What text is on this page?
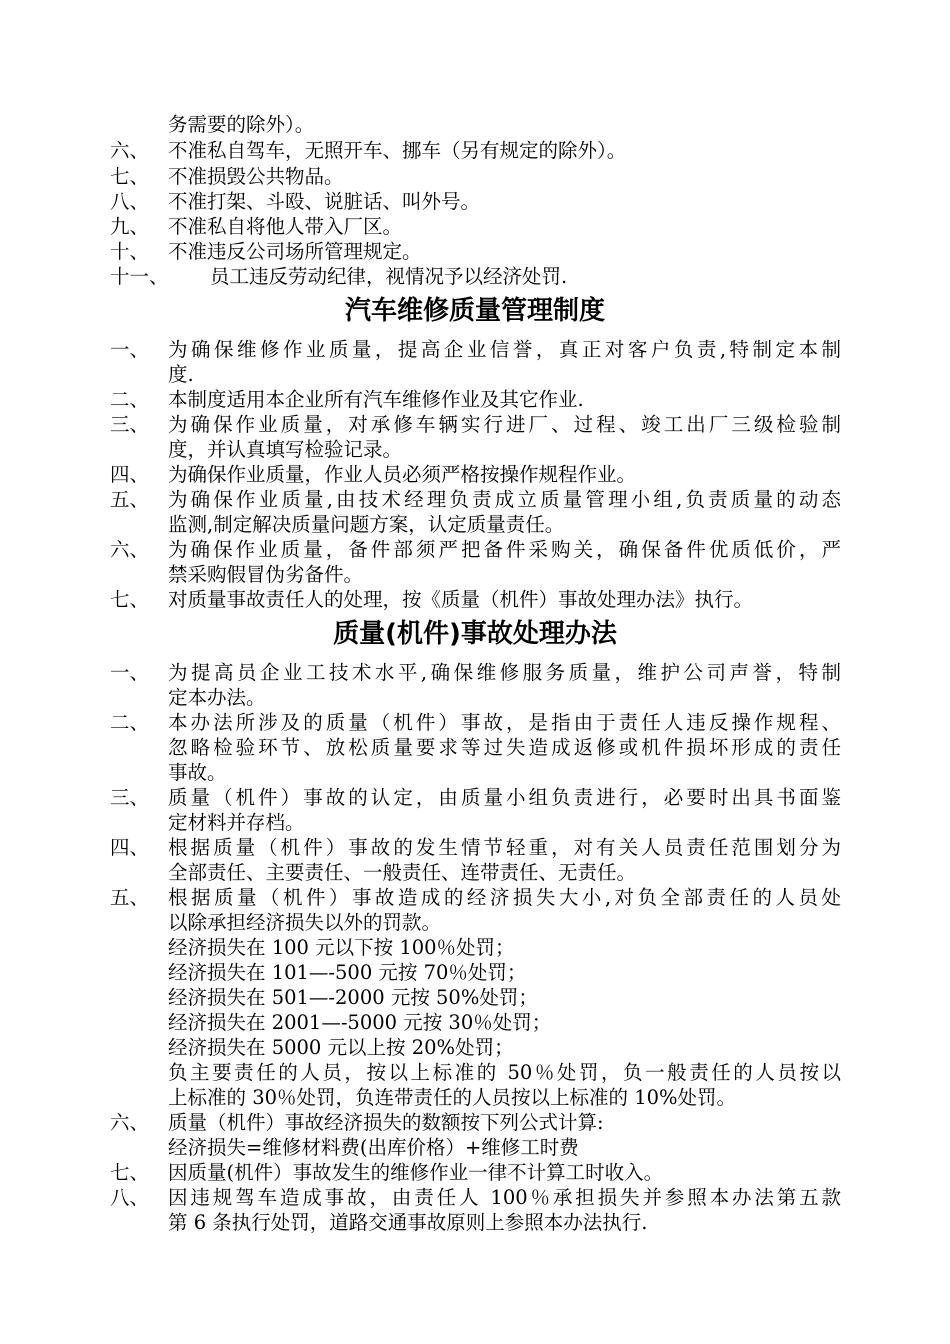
务需要的除外）。
六、 不准私自驾车，无照开车、挪车（另有规定的除外）。
七、 不准损毁公共物品。
八、 不准打架、斗殴、说脏话、叫外号。
九、 不准私自将他人带入厂区。
十、 不准违反公司场所管理规定。
十一、 员工违反劳动纪律，视情况予以经济处罚.
汽车维修质量管理制度
一、 为确保维修作业质量，提高企业信誉，真正对客户负责,特制定本制
度.
二、 本制度适用本企业所有汽车维修作业及其它作业.
三、 为确保作业质量，对承修车辆实行进厂、过程、竣工出厂三级检验制
度，并认真填写检验记录。
四、 为确保作业质量，作业人员必须严格按操作规程作业。
五、 为确保作业质量,由技术经理负责成立质量管理小组,负责质量的动态
监测,制定解决质量问题方案，认定质量责任。
六、 为确保作业质量，备件部须严把备件采购关，确保备件优质低价，严
禁采购假冒伪劣备件。
七、 对质量事故责任人的处理，按《质量（机件）事故处理办法》执行。
质量(机件)事故处理办法
一、 为提高员企业工技术水平,确保维修服务质量，维护公司声誉，特制
定本办法。
二、 本办法所涉及的质量（机件）事故，是指由于责任人违反操作规程、
忽略检验环节、放松质量要求等过失造成返修或机件损坏形成的责任
事故。
三、 质量（机件）事故的认定，由质量小组负责进行，必要时出具书面鉴
定材料并存档。
四、 根据质量（机件）事故的发生情节轻重，对有关人员责任范围划分为
全部责任、主要责任、一般责任、连带责任、无责任。
五、 根据质量（机件）事故造成的经济损失大小,对负全部责任的人员处
以除承担经济损失以外的罚款。
经济损失在 100 元以下按 100％处罚；
经济损失在 101—-500 元按 70％处罚；
经济损失在 501—-2000 元按 50%处罚；
经济损失在 2001—-5000 元按 30％处罚；
经济损失在 5000 元以上按 20%处罚；
负主要责任的人员，按以上标准的 50％处罚，负一般责任的人员按以
上标准的 30％处罚，负连带责任的人员按以上标准的 10%处罚。
六、 质量（机件）事故经济损失的数额按下列公式计算:
经济损失=维修材料费(出库价格）+维修工时费
七、 因质量(机件）事故发生的维修作业一律不计算工时收入。
八、 因违规驾车造成事故，由责任人 100％承担损失并参照本办法第五款
第 6 条执行处罚，道路交通事故原则上参照本办法执行.
